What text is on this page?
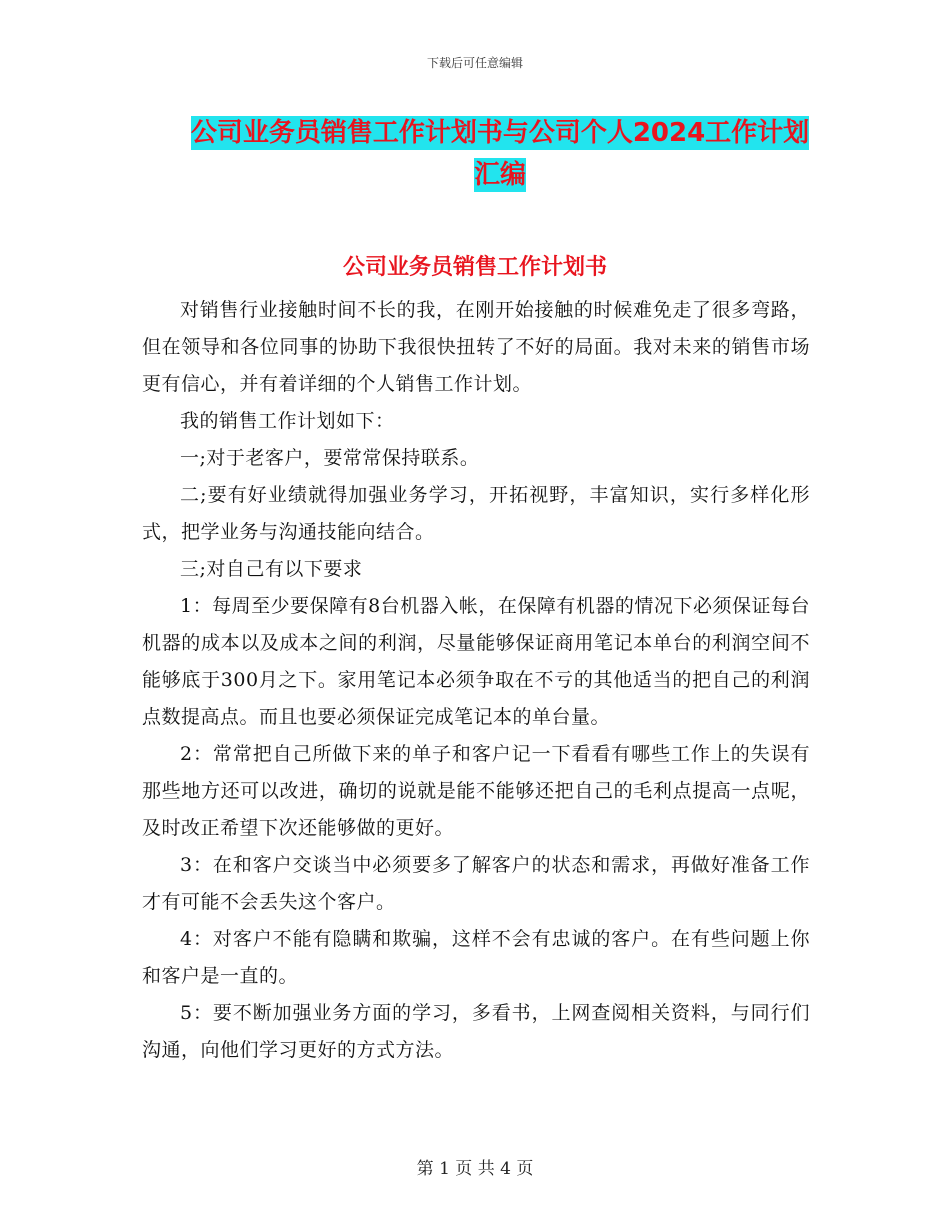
下载后可任意编辑
公司业务员销售工作计划书与公司个人2024工作计划
汇编
公司业务员销售工作计划书

对销售行业接触时间不长的我，在刚开始接触的时候难免走了很多弯路，但在领导和各位同事的协助下我很快扭转了不好的局面。我对未来的销售市场更有信心，并有着详细的个人销售工作计划。

我的销售工作计划如下：

一;对于老客户，要常常保持联系。

二;要有好业绩就得加强业务学习，开拓视野，丰富知识，实行多样化形式，把学业务与沟通技能向结合。

三;对自己有以下要求

1：每周至少要保障有8台机器入帐，在保障有机器的情况下必须保证每台机器的成本以及成本之间的利润，尽量能够保证商用笔记本单台的利润空间不能够底于300月之下。家用笔记本必须争取在不亏的其他适当的把自己的利润点数提高点。而且也要必须保证完成笔记本的单台量。

2：常常把自己所做下来的单子和客户记一下看看有哪些工作上的失误有那些地方还可以改进，确切的说就是能不能够还把自己的毛利点提高一点呢，及时改正希望下次还能够做的更好。

3：在和客户交谈当中必须要多了解客户的状态和需求，再做好准备工作才有可能不会丢失这个客户。

4：对客户不能有隐瞒和欺骗，这样不会有忠诚的客户。在有些问题上你和客户是一直的。

5：要不断加强业务方面的学习，多看书，上网查阅相关资料，与同行们沟通，向他们学习更好的方式方法。

第 1 页 共 4 页
